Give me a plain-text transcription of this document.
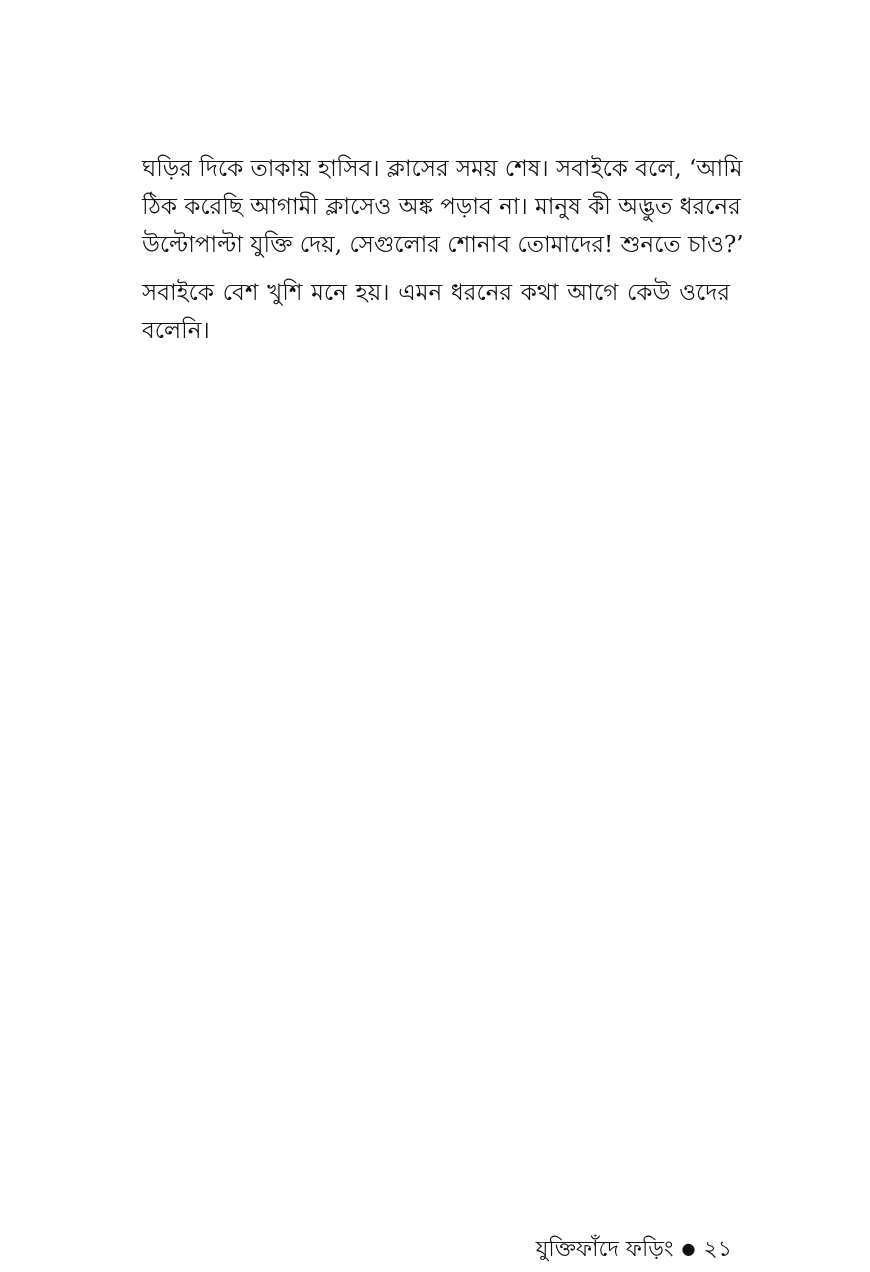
ঘড়ির দিকে তাকায় হাসিব। ক্লাসের সময় শেষ। সবাইকে বলে, ‘আমি
ঠিক করেছি আগামী ক্লাসেও অঙ্ক পড়াব না। মানুষ কী অদ্ভুত ধরনের
উল্টোপাল্টা যুক্তি দেয়, সেগুলোর শোনাব তোমাদের! শুনতে চাও?’
সবাইকে বেশ খুশি মনে হয়। এমন ধরনের কথা আগে কেউ ওদের
বলেনি।
যুক্তিফাঁদে ফড়িং ● ২১
